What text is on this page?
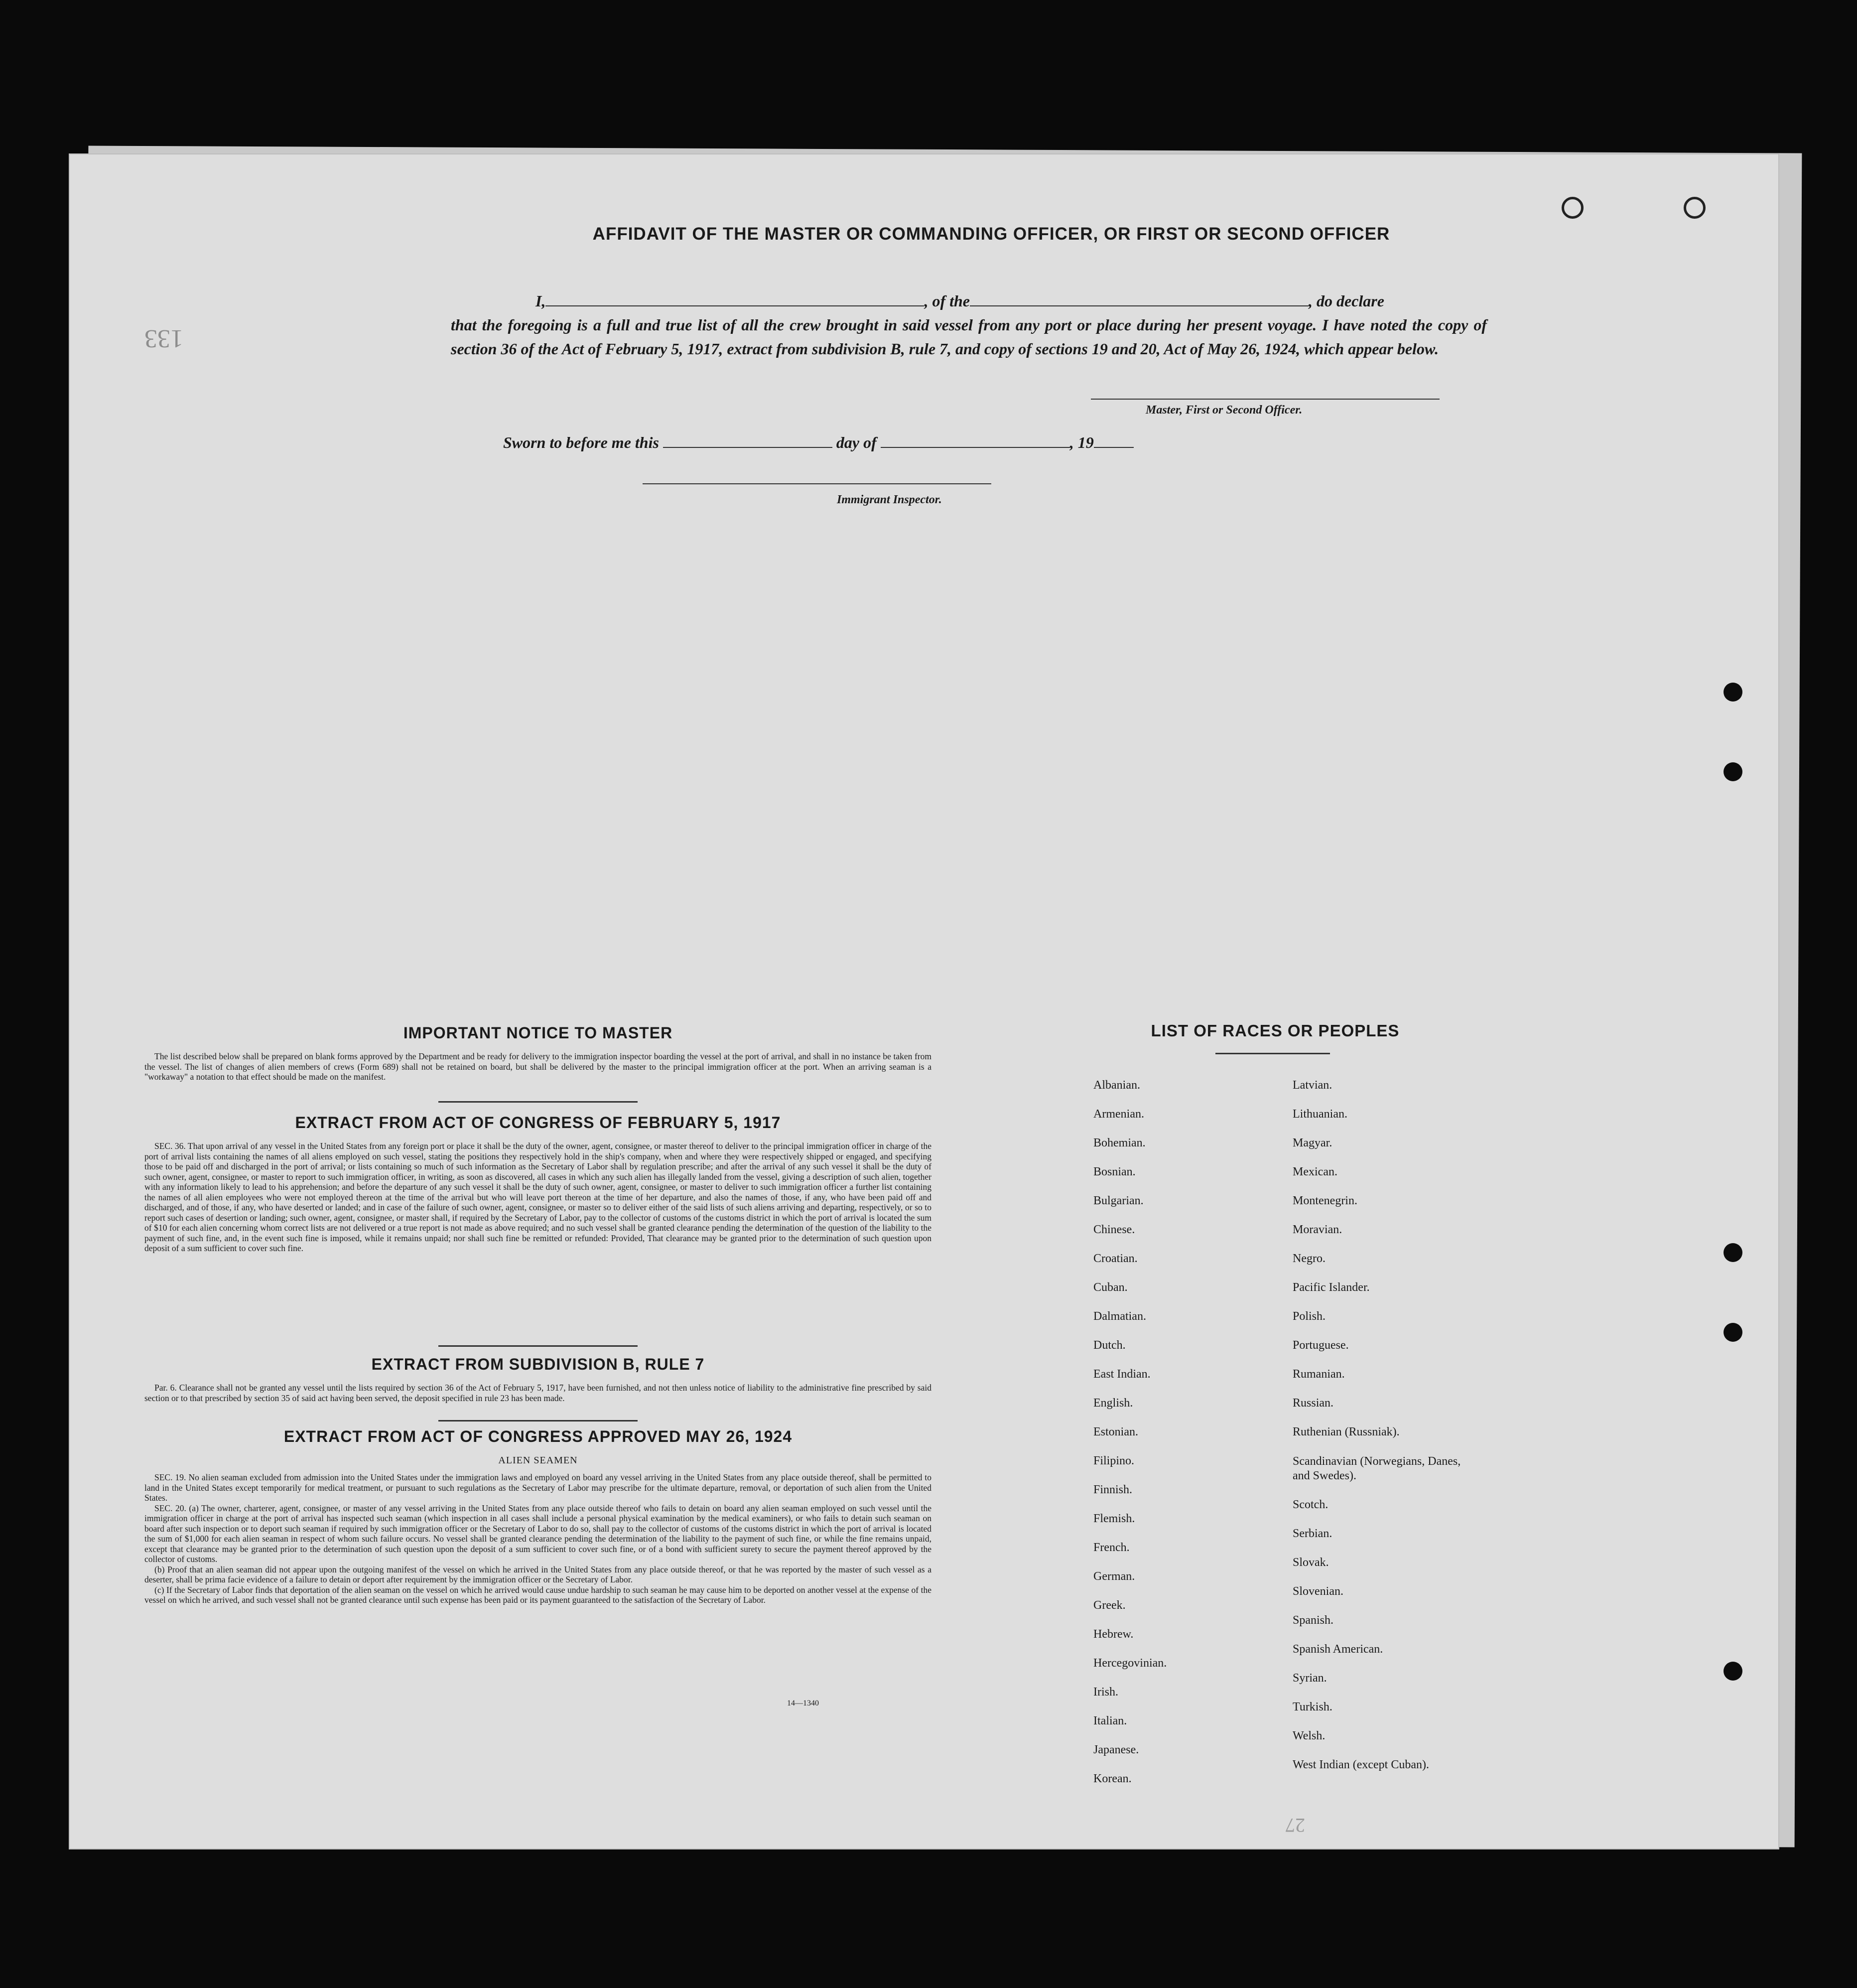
133
AFFIDAVIT OF THE MASTER OR COMMANDING OFFICER, OR FIRST OR SECOND OFFICER
I,	, of the	, do declare
that the foregoing is a full and true list of all the crew brought in said vessel from any port or place during her present voyage. I have noted the copy of section 36 of the Act of February 5, 1917, extract from subdivision B, rule 7, and copy of sections 19 and 20, Act of May 26, 1924, which appear below.
Master, First or Second Officer.
Sworn to before me this	day of	, 19
Immigrant Inspector.
IMPORTANT NOTICE TO MASTER
The list described below shall be prepared on blank forms approved by the Department and be ready for delivery to the immigration inspector boarding the vessel at the port of arrival, and shall in no instance be taken from the vessel. The list of changes of alien members of crews (Form 689) shall not be retained on board, but shall be delivered by the master to the principal immigration officer at the port. When an arriving seaman is a "workaway" a notation to that effect should be made on the manifest.
EXTRACT FROM ACT OF CONGRESS OF FEBRUARY 5, 1917
SEC. 36. That upon arrival of any vessel in the United States from any foreign port or place it shall be the duty of the owner, agent, consignee, or master thereof to deliver to the principal immigration officer in charge of the port of arrival lists containing the names of all aliens employed on such vessel, stating the positions they respectively hold in the ship's company, when and where they were respectively shipped or engaged, and specifying those to be paid off and discharged in the port of arrival; or lists containing so much of such information as the Secretary of Labor shall by regulation prescribe; and after the arrival of any such vessel it shall be the duty of such owner, agent, consignee, or master to report to such immigration officer, in writing, as soon as discovered, all cases in which any such alien has illegally landed from the vessel, giving a description of such alien, together with any information likely to lead to his apprehension; and before the departure of any such vessel it shall be the duty of such owner, agent, consignee, or master to deliver to such immigration officer a further list containing the names of all alien employees who were not employed thereon at the time of the arrival but who will leave port thereon at the time of her departure, and also the names of those, if any, who have been paid off and discharged, and of those, if any, who have deserted or landed; and in case of the failure of such owner, agent, consignee, or master so to deliver either of the said lists of such aliens arriving and departing, respectively, or so to report such cases of desertion or landing; such owner, agent, consignee, or master shall, if required by the Secretary of Labor, pay to the collector of customs of the customs district in which the port of arrival is located the sum of $10 for each alien concerning whom correct lists are not delivered or a true report is not made as above required; and no such vessel shall be granted clearance pending the determination of the question of the liability to the payment of such fine, and, in the event such fine is imposed, while it remains unpaid; nor shall such fine be remitted or refunded: Provided, That clearance may be granted prior to the determination of such question upon deposit of a sum sufficient to cover such fine.
EXTRACT FROM SUBDIVISION B, RULE 7
Par. 6. Clearance shall not be granted any vessel until the lists required by section 36 of the Act of February 5, 1917, have been furnished, and not then unless notice of liability to the administrative fine prescribed by said section or to that prescribed by section 35 of said act having been served, the deposit specified in rule 23 has been made.
EXTRACT FROM ACT OF CONGRESS APPROVED MAY 26, 1924
ALIEN SEAMEN
SEC. 19. No alien seaman excluded from admission into the United States under the immigration laws and employed on board any vessel arriving in the United States from any place outside thereof, shall be permitted to land in the United States except temporarily for medical treatment, or pursuant to such regulations as the Secretary of Labor may prescribe for the ultimate departure, removal, or deportation of such alien from the United States.
SEC. 20. (a) The owner, charterer, agent, consignee, or master of any vessel arriving in the United States from any place outside thereof who fails to detain on board any alien seaman employed on such vessel until the immigration officer in charge at the port of arrival has inspected such seaman (which inspection in all cases shall include a personal physical examination by the medical examiners), or who fails to detain such seaman on board after such inspection or to deport such seaman if required by such immigration officer or the Secretary of Labor to do so, shall pay to the collector of customs of the customs district in which the port of arrival is located the sum of $1,000 for each alien seaman in respect of whom such failure occurs. No vessel shall be granted clearance pending the determination of the liability to the payment of such fine, or while the fine remains unpaid, except that clearance may be granted prior to the determination of such question upon the deposit of a sum sufficient to cover such fine, or of a bond with sufficient surety to secure the payment thereof approved by the collector of customs.
(b) Proof that an alien seaman did not appear upon the outgoing manifest of the vessel on which he arrived in the United States from any place outside thereof, or that he was reported by the master of such vessel as a deserter, shall be prima facie evidence of a failure to detain or deport after requirement by the immigration officer or the Secretary of Labor.
(c) If the Secretary of Labor finds that deportation of the alien seaman on the vessel on which he arrived would cause undue hardship to such seaman he may cause him to be deported on another vessel at the expense of the vessel on which he arrived, and such vessel shall not be granted clearance until such expense has been paid or its payment guaranteed to the satisfaction of the Secretary of Labor.
14—1340
LIST OF RACES OR PEOPLES
Albanian.
Armenian.
Bohemian.
Bosnian.
Bulgarian.
Chinese.
Croatian.
Cuban.
Dalmatian.
Dutch.
East Indian.
English.
Estonian.
Filipino.
Finnish.
Flemish.
French.
German.
Greek.
Hebrew.
Hercegovinian.
Irish.
Italian.
Japanese.
Korean.
Latvian.
Lithuanian.
Magyar.
Mexican.
Montenegrin.
Moravian.
Negro.
Pacific Islander.
Polish.
Portuguese.
Rumanian.
Russian.
Ruthenian (Russniak).
Scandinavian (Norwegians, Danes, and Swedes).
Scotch.
Serbian.
Slovak.
Slovenian.
Spanish.
Spanish American.
Syrian.
Turkish.
Welsh.
West Indian (except Cuban).
27
